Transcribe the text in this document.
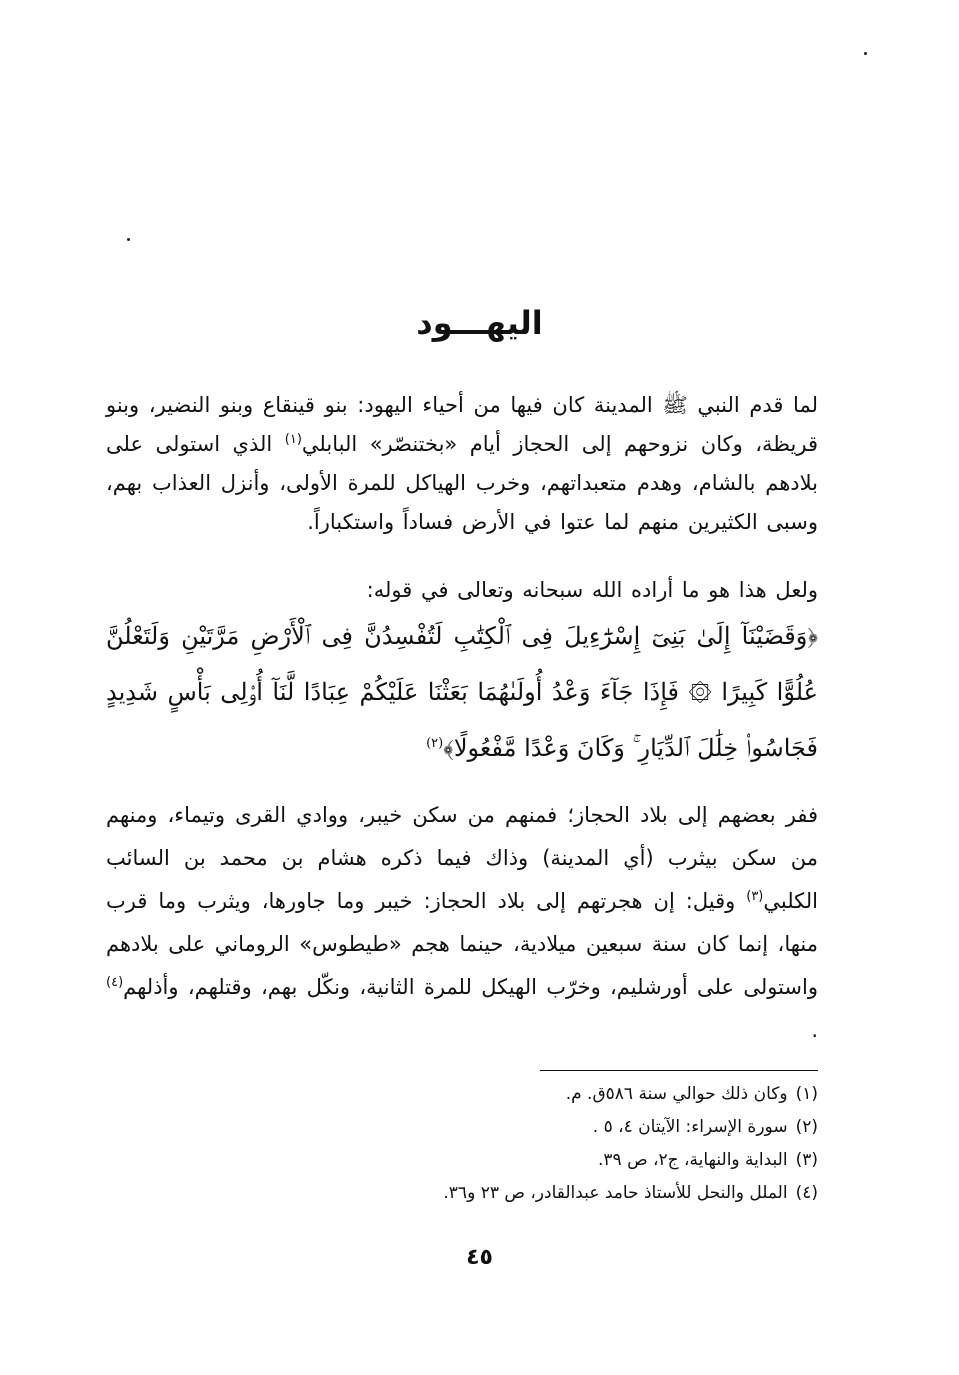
اليهـــود
لما قدم النبي ﷺ المدينة كان فيها من أحياء اليهود: بنو قينقاع وبنو النضير، وبنو قريظة، وكان نزوحهم إلى الحجاز أيام «بختنصّر» البابلي$^{(١)}$ الذي استولى على بلادهم بالشام، وهدم متعبداتهم، وخرب الهياكل للمرة الأولى، وأنزل العذاب بهم، وسبى الكثيرين منهم لما عتوا في الأرض فساداً واستكباراً.
ولعل هذا هو ما أراده الله سبحانه وتعالى في قوله:
﴿وَقَضَيْنَآ إِلَىٰ بَنِىٓ إِسْرَٰٓءِيلَ فِى ٱلْكِتَٰبِ لَتُفْسِدُنَّ فِى ٱلْأَرْضِ مَرَّتَيْنِ وَلَتَعْلُنَّ عُلُوًّا كَبِيرًا ۞ فَإِذَا جَآءَ وَعْدُ أُولَىٰهُمَا بَعَثْنَا عَلَيْكُمْ عِبَادًا لَّنَآ أُو۟لِى بَأْسٍ شَدِيدٍ فَجَاسُوا۟ خِلَٰلَ ٱلدِّيَارِ ۚ وَكَانَ وَعْدًا مَّفْعُولًا﴾$^{(٢)}$
ففر بعضهم إلى بلاد الحجاز؛ فمنهم من سكن خيبر، ووادي القرى وتيماء، ومنهم من سكن بيثرب (أي المدينة) وذاك فيما ذكره هشام بن محمد بن السائب الكلبي$^{(٣)}$ وقيل: إن هجرتهم إلى بلاد الحجاز: خيبر وما جاورها، ويثرب وما قرب منها، إنما كان سنة سبعين ميلادية، حينما هجم «طيطوس» الروماني على بلادهم واستولى على أورشليم، وخرّب الهيكل للمرة الثانية، ونكّل بهم، وقتلهم، وأذلهم$^{(٤)}$ .
(١)وكان ذلك حوالي سنة ٥٨٦ق. م.
(٢)سورة الإسراء: الآيتان ٤، ٥ .
(٣)البداية والنهاية، ج٢، ص ٣٩.
(٤)الملل والنحل للأستاذ حامد عبدالقادر، ص ٢٣ و٣٦.
٤٥
